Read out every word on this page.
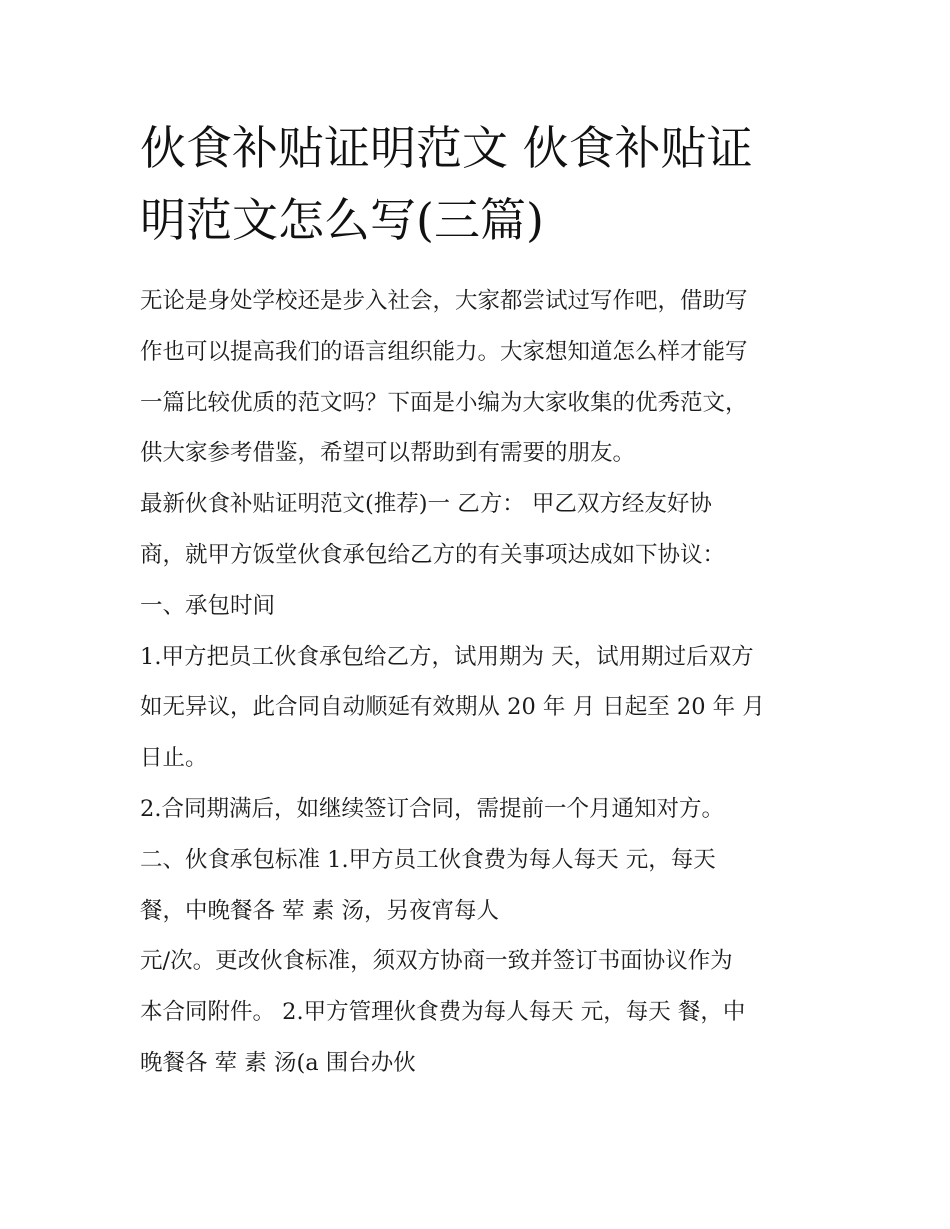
伙食补贴证明范文 伙食补贴证
明范文怎么写(三篇)
无论是身处学校还是步入社会，大家都尝试过写作吧，借助写
作也可以提高我们的语言组织能力。大家想知道怎么样才能写
一篇比较优质的范文吗？下面是小编为大家收集的优秀范文，
供大家参考借鉴，希望可以帮助到有需要的朋友。
最新伙食补贴证明范文(推荐)一 乙方： 甲乙双方经友好协
商，就甲方饭堂伙食承包给乙方的有关事项达成如下协议：
一、承包时间
1.甲方把员工伙食承包给乙方，试用期为 天，试用期过后双方
如无异议，此合同自动顺延有效期从 20 年 月 日起至 20 年 月
日止。
2.合同期满后，如继续签订合同，需提前一个月通知对方。
二、伙食承包标准 1.甲方员工伙食费为每人每天 元，每天
餐，中晚餐各 荤 素 汤，另夜宵每人
元/次。更改伙食标准，须双方协商一致并签订书面协议作为
本合同附件。 2.甲方管理伙食费为每人每天 元，每天 餐，中
晚餐各 荤 素 汤(a 围台办伙
